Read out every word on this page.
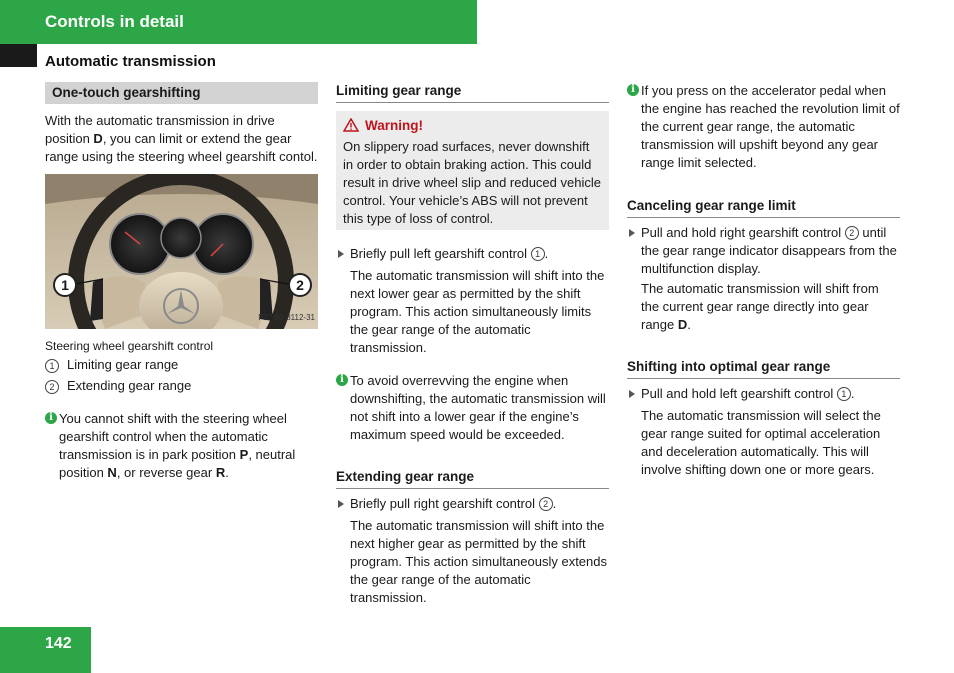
Controls in detail
Automatic transmission
One-touch gearshifting

With the automatic transmission in drive position D, you can limit or extend the gear range using the steering wheel gearshift contol.

1	2
P27.60-3112-31
Steering wheel gearshift control
1 Limiting gear range
2 Extending gear range
i You cannot shift with the steering wheel gearshift control when the automatic transmission is in park position P, neutral position N, or reverse gear R.
Limiting gear range
Warning!

On slippery road surfaces, never downshift in order to obtain braking action. This could result in drive wheel slip and reduced vehicle control. Your vehicle’s ABS will not prevent this type of loss of control.

Briefly pull left gearshift control 1 .

The automatic transmission will shift into the next lower gear as permitted by the shift program. This action simultaneously limits the gear range of the automatic transmission.

i To avoid overrevving the engine when downshifting, the automatic transmission will not shift into a lower gear if the engine’s maximum speed would be exceeded.
Extending gear range
Briefly pull right gearshift control 2 .

The automatic transmission will shift into the next higher gear as permitted by the shift program. This action simultaneously extends the gear range of the automatic transmission.

i If you press on the accelerator pedal when the engine has reached the revolution limit of the current gear range, the automatic transmission will upshift beyond any gear range limit selected.
Canceling gear range limit
Pull and hold right gearshift control 2 until the gear range indicator disappears from the multifunction display.

The automatic transmission will shift from the current gear range directly into gear range D.

Shifting into optimal gear range
Pull and hold left gearshift control 1 .

The automatic transmission will select the gear range suited for optimal acceleration and deceleration automatically. This will involve shifting down one or more gears.

142
